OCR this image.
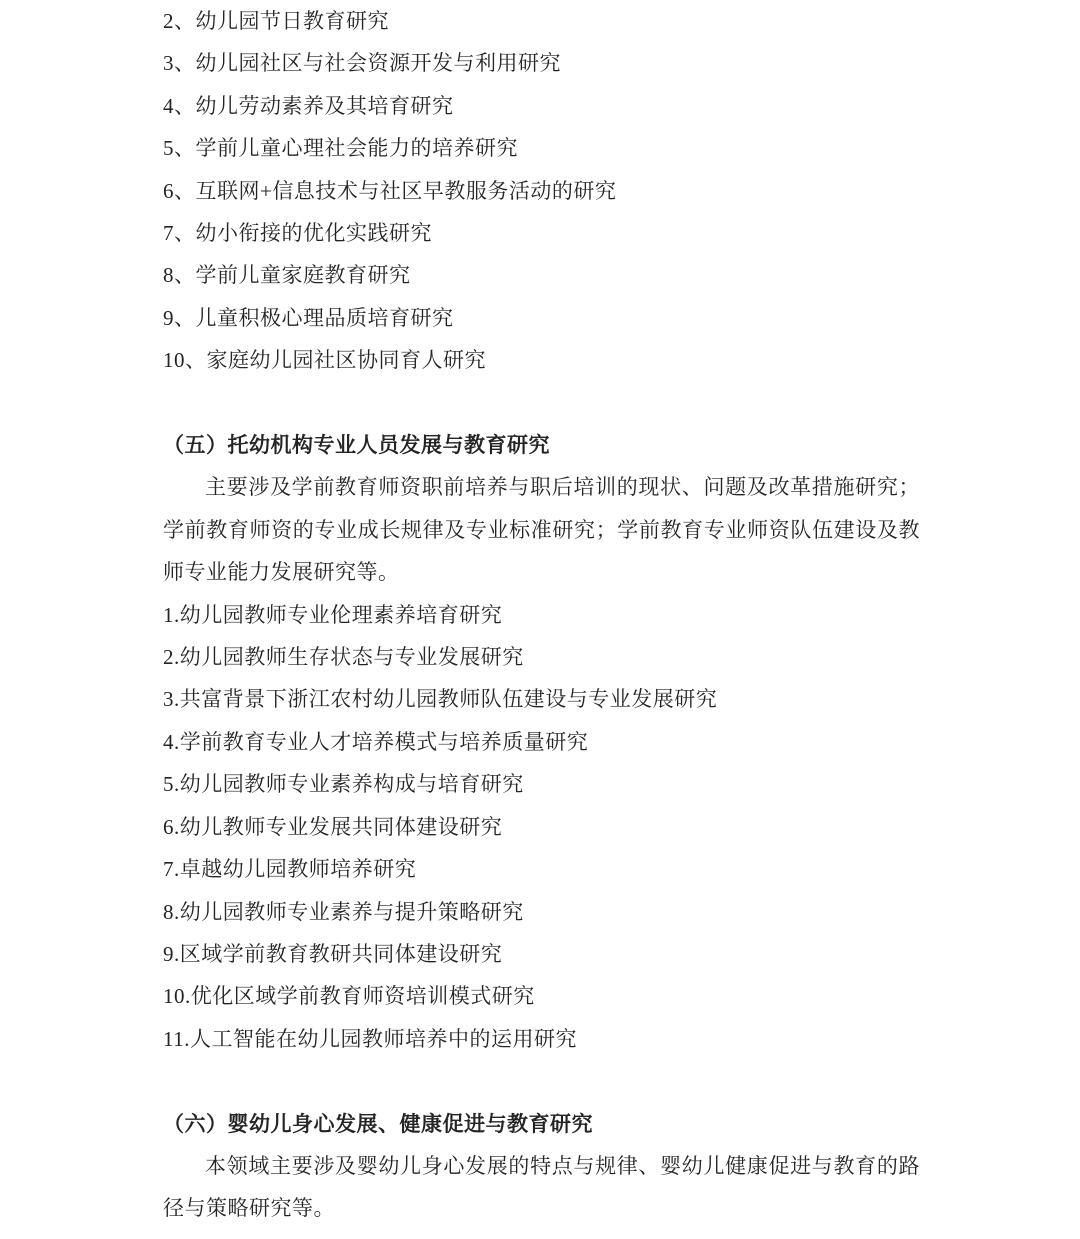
2、幼儿园节日教育研究
3、幼儿园社区与社会资源开发与利用研究
4、幼儿劳动素养及其培育研究
5、学前儿童心理社会能力的培养研究
6、互联网+信息技术与社区早教服务活动的研究
7、幼小衔接的优化实践研究
8、学前儿童家庭教育研究
9、儿童积极心理品质培育研究
10、家庭幼儿园社区协同育人研究
（五）托幼机构专业人员发展与教育研究
主要涉及学前教育师资职前培养与职后培训的现状、问题及改革措施研究；学前教育师资的专业成长规律及专业标准研究；学前教育专业师资队伍建设及教师专业能力发展研究等。
1.幼儿园教师专业伦理素养培育研究
2.幼儿园教师生存状态与专业发展研究
3.共富背景下浙江农村幼儿园教师队伍建设与专业发展研究
4.学前教育专业人才培养模式与培养质量研究
5.幼儿园教师专业素养构成与培育研究
6.幼儿教师专业发展共同体建设研究
7.卓越幼儿园教师培养研究
8.幼儿园教师专业素养与提升策略研究
9.区域学前教育教研共同体建设研究
10.优化区域学前教育师资培训模式研究
11.人工智能在幼儿园教师培养中的运用研究
（六）婴幼儿身心发展、健康促进与教育研究
本领域主要涉及婴幼儿身心发展的特点与规律、婴幼儿健康促进与教育的路径与策略研究等。
